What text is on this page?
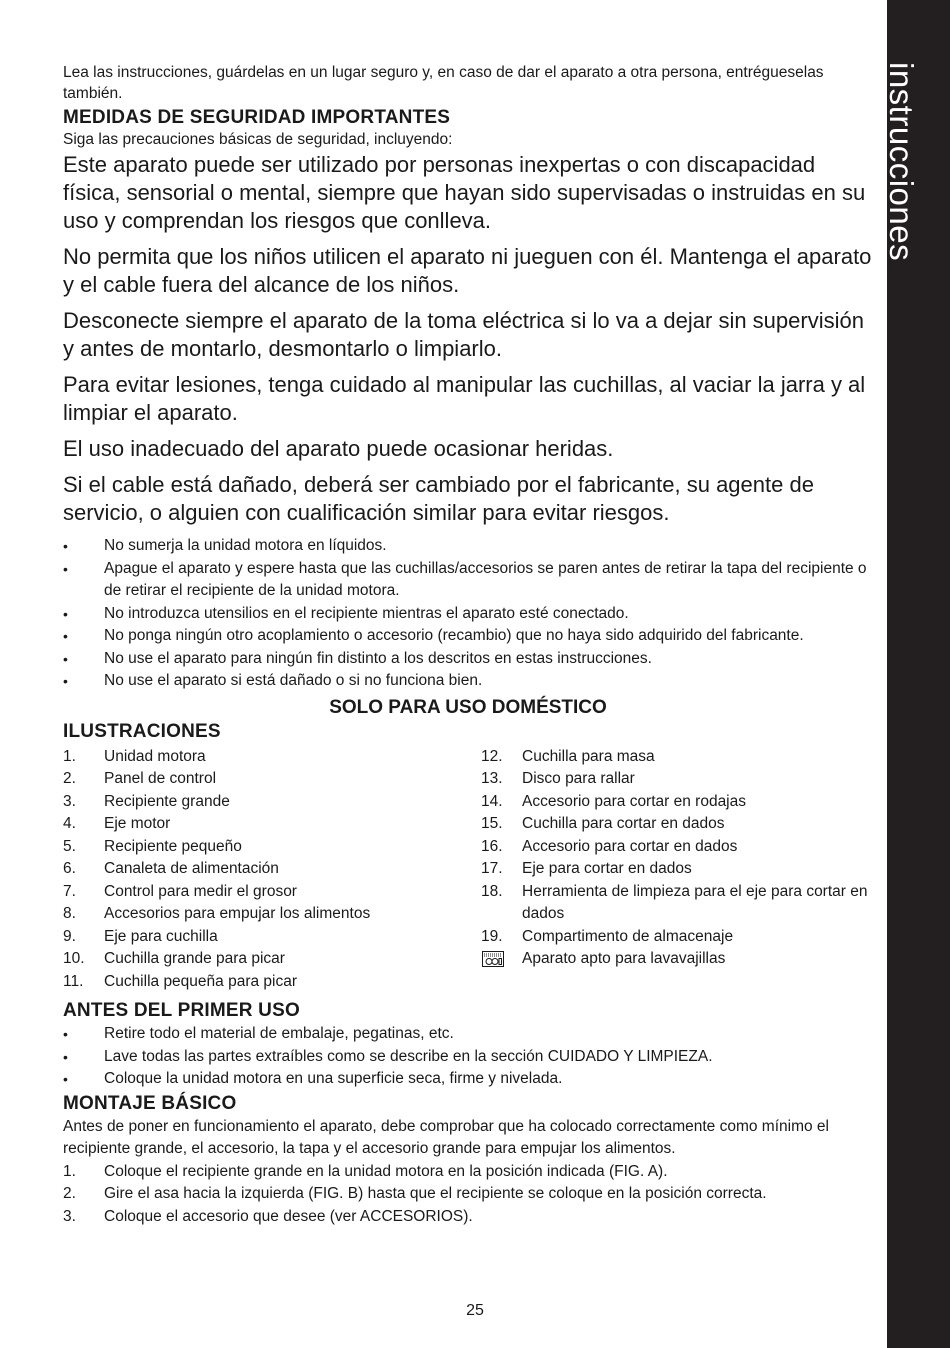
instrucciones

Lea las instrucciones, guárdelas en un lugar seguro y, en caso de dar el aparato a otra persona, entrégueselas también.

MEDIDAS DE SEGURIDAD IMPORTANTES

Siga las precauciones básicas de seguridad, incluyendo:

Este aparato puede ser utilizado por personas inexpertas o con discapacidad física, sensorial o mental, siempre que hayan sido supervisadas o instruidas en su uso y comprendan los riesgos que conlleva.

No permita que los niños utilicen el aparato ni jueguen con él. Mantenga el aparato y el cable fuera del alcance de los niños.

Desconecte siempre el aparato de la toma eléctrica si lo va a dejar sin supervisión y antes de montarlo, desmontarlo o limpiarlo.

Para evitar lesiones, tenga cuidado al manipular las cuchillas, al vaciar la jarra y al limpiar el aparato.

El uso inadecuado del aparato puede ocasionar heridas.

Si el cable está dañado, deberá ser cambiado por el fabricante, su agente de servicio, o alguien con cualificación similar para evitar riesgos.

• No sumerja la unidad motora en líquidos.
• Apague el aparato y espere hasta que las cuchillas/accesorios se paren antes de retirar la tapa del recipiente o de retirar el recipiente de la unidad motora.
• No introduzca utensilios en el recipiente mientras el aparato esté conectado.
• No ponga ningún otro acoplamiento o accesorio (recambio) que no haya sido adquirido del fabricante.
• No use el aparato para ningún fin distinto a los descritos en estas instrucciones.
• No use el aparato si está dañado o si no funciona bien.
SOLO PARA USO DOMÉSTICO
ILUSTRACIONES
1. Unidad motora
2. Panel de control
3. Recipiente grande
4. Eje motor
5. Recipiente pequeño
6. Canaleta de alimentación
7. Control para medir el grosor
8. Accesorios para empujar los alimentos
9. Eje para cuchilla
10. Cuchilla grande para picar
11. Cuchilla pequeña para picar
12. Cuchilla para masa
13. Disco para rallar
14. Accesorio para cortar en rodajas
15. Cuchilla para cortar en dados
16. Accesorio para cortar en dados
17. Eje para cortar en dados
18. Herramienta de limpieza para el eje para cortar en dados
19. Compartimento de almacenaje
Aparato apto para lavavajillas
ANTES DEL PRIMER USO
• Retire todo el material de embalaje, pegatinas, etc.
• Lave todas las partes extraíbles como se describe en la sección CUIDADO Y LIMPIEZA.
• Coloque la unidad motora en una superficie seca, firme y nivelada.
MONTAJE BÁSICO

Antes de poner en funcionamiento el aparato, debe comprobar que ha colocado correctamente como mínimo el recipiente grande, el accesorio, la tapa y el accesorio grande para empujar los alimentos.

1. Coloque el recipiente grande en la unidad motora en la posición indicada (FIG. A).
2. Gire el asa hacia la izquierda (FIG. B) hasta que el recipiente se coloque en la posición correcta.
3. Coloque el accesorio que desee (ver ACCESORIOS).
25
